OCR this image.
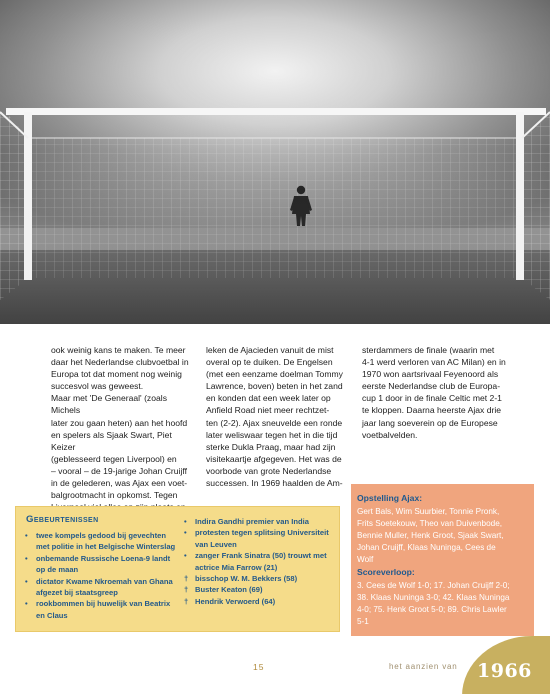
ook weinig kans te maken. Te meer
daar het Nederlandse clubvoetbal in
Europa tot dat moment nog weinig
succesvol was geweest.
Maar met 'De Generaal' (zoals Michels
later zou gaan heten) aan het hoofd
en spelers als Sjaak Swart, Piet Keizer
(geblesseerd tegen Liverpool) en
– vooral – de 19-jarige Johan Cruijff
in de gelederen, was Ajax een voet-
balgrootmacht in opkomst. Tegen

leken de Ajacieden vanuit de mist
overal op te duiken. De Engelsen
(met een eenzame doelman Tommy
Lawrence, boven) beten in het zand
en konden dat een week later op
Anfield Road niet meer rechtzet-
ten (2-2). Ajax sneuvelde een ronde
later weliswaar tegen het in die tijd
sterke Dukla Praag, maar had zijn
visitekaartje afgegeven. Het was de
voorbode van grote Nederlandse
successen. In 1969 haalden de Am-

sterdammers de finale (waarin met
4-1 werd verloren van AC Milan) en in
1970 won aartsrivaal Feyenoord als
eerste Nederlandse club de Europa-
cup 1 door in de finale Celtic met 2-1
te kloppen. Daarna heerste Ajax drie
jaar lang soeverein op de Europese
voetbalvelden.

Gebeurtenissen
•	twee kompels gedood bij gevechten
met politie in het Belgische Winterslag
•	onbemande Russische Loena-9 landt
op de maan
•	dictator Kwame Nkroemah van Ghana
afgezet bij staatsgreep
•	rookbommen bij huwelijk van Beatrix
en Claus
•	Indira Gandhi premier van India
•	protesten tegen splitsing Universiteit
van Leuven
•	zanger Frank Sinatra (50) trouwt met
actrice Mia Farrow (21)
† bisschop W. M. Bekkers (58)
† Buster Keaton (69)
† Hendrik Verwoerd (64)
Opstelling Ajax:
Gert Bals, Wim Suurbier, Tonnie Pronk,
Frits Soetekouw, Theo van Duivenbode,
Bennie Muller, Henk Groot, Sjaak Swart,
Johan Cruijff, Klaas Nuninga, Cees de
Wolf
Scoreverloop:
3. Cees de Wolf 1-0; 17. Johan Cruijff 2-0;
38. Klaas Nuninga 3-0; 42. Klaas Nuninga
4-0; 75. Henk Groot 5-0; 89. Chris Lawler
5-1
15	het aanzien van 1966
